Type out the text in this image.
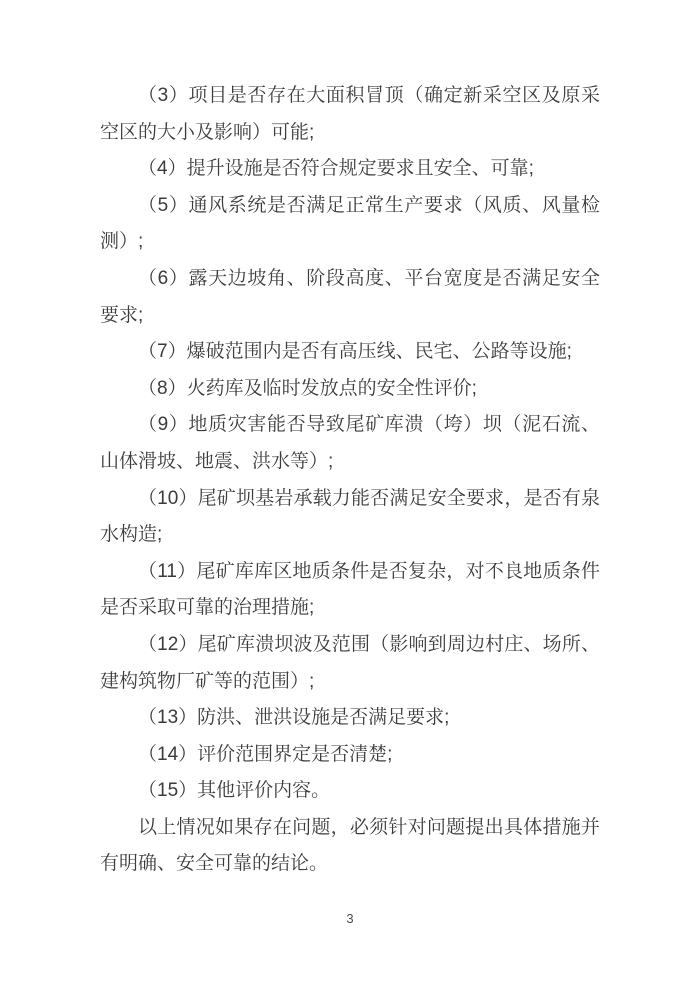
（3）项目是否存在大面积冒顶（确定新采空区及原采空区的大小及影响）可能;

（4）提升设施是否符合规定要求且安全、可靠;

（5）通风系统是否满足正常生产要求（风质、风量检测）;

（6）露天边坡角、阶段高度、平台宽度是否满足安全要求;

（7）爆破范围内是否有高压线、民宅、公路等设施;

（8）火药库及临时发放点的安全性评价;

（9）地质灾害能否导致尾矿库溃（垮）坝（泥石流、山体滑坡、地震、洪水等）;

（10）尾矿坝基岩承载力能否满足安全要求，是否有泉水构造;

（11）尾矿库库区地质条件是否复杂，对不良地质条件是否采取可靠的治理措施;

（12）尾矿库溃坝波及范围（影响到周边村庄、场所、建构筑物厂矿等的范围）;

（13）防洪、泄洪设施是否满足要求;

（14）评价范围界定是否清楚;

（15）其他评价内容。

以上情况如果存在问题，必须针对问题提出具体措施并有明确、安全可靠的结论。

3
